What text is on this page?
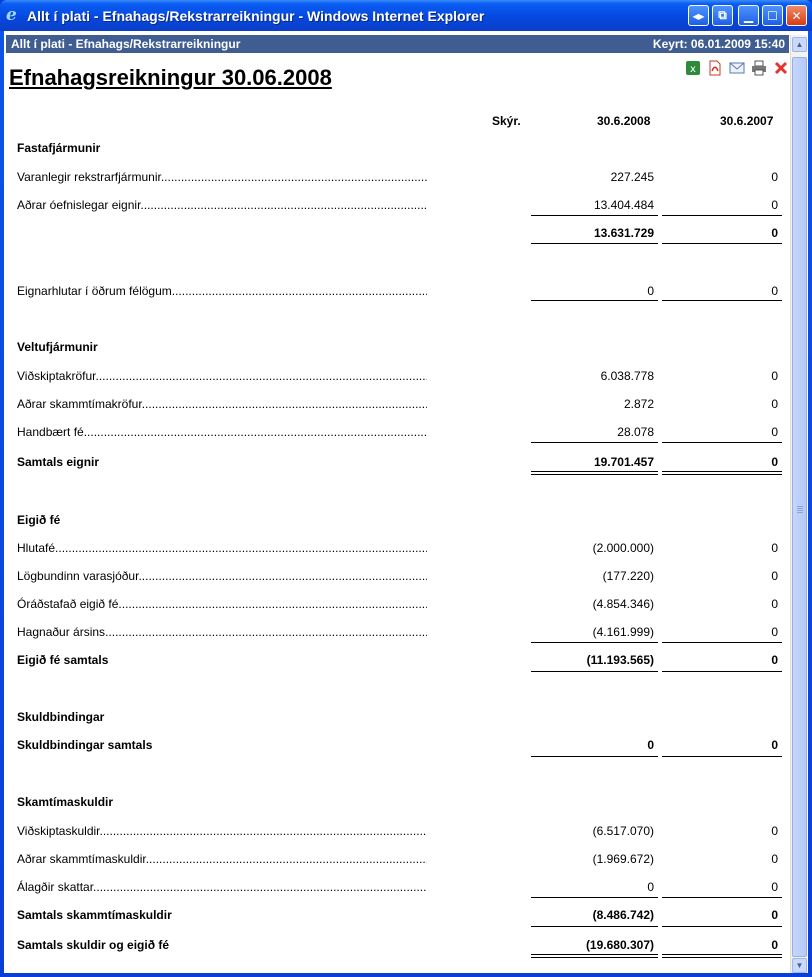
e Allt í plati - Efnahags/Rekstrarreikningur - Windows Internet Explorer	◂▸	⧉	▁	☐	✕
Allt í plati - Efnahags/Rekstrarreikningur	Keyrt: 06.01.2009 15:40
Efnahagsreikningur 30.06.2008	x
Skýr.	30.6.2008	30.6.2007
Fastafjármunir
Varanlegir rekstrarfjármunir .....	227.245	0
Aðrar óefnislegar eignir .....	13.404.484	0
13.631.729	0
Eignarhlutar í öðrum félögum .....	0	0
Veltufjármunir
Viðskiptakröfur .....	6.038.778	0
Aðrar skammtímakröfur .....	2.872	0
Handbært fé .....	28.078	0
Samtals eignir	19.701.457	0
Eigið fé
Hlutafé .....	(2.000.000)	0
Lögbundinn varasjóður .....	(177.220)	0
Óráðstafað eigið fé .....	(4.854.346)	0
Hagnaður ársins .....	(4.161.999)	0
Eigið fé samtals	(11.193.565)	0
Skuldbindingar
Skuldbindingar samtals	0	0
Skamtímaskuldir
Viðskiptaskuldir .....	(6.517.070)	0
Aðrar skammtímaskuldir .....	(1.969.672)	0
Álagðir skattar .....	0	0
Samtals skammtímaskuldir	(8.486.742)	0
Samtals skuldir og eigið fé	(19.680.307)	0
▲
▼
